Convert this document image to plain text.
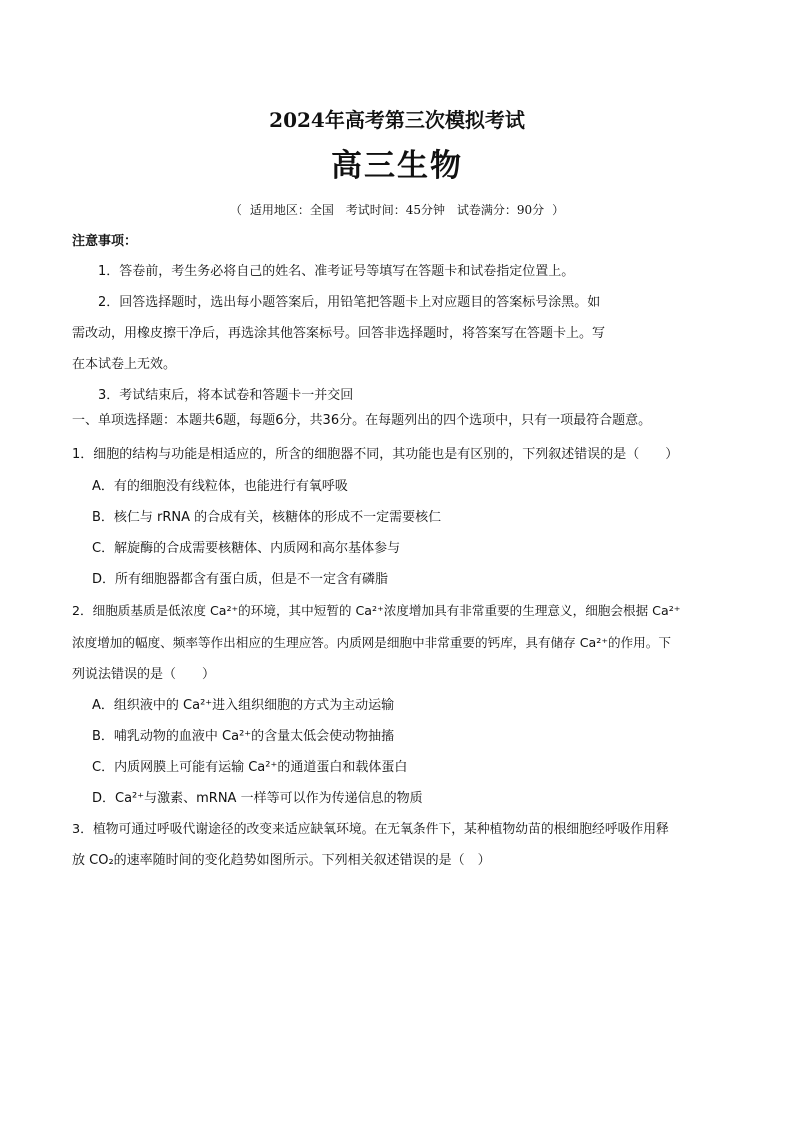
2024年高考第三次模拟考试
高三生物
（ 适用地区：全国 考试时间：45分钟 试卷满分：90分 ）
注意事项：
1．答卷前，考生务必将自己的姓名、准考证号等填写在答题卡和试卷指定位置上。
2．回答选择题时，选出每小题答案后，用铅笔把答题卡上对应题目的答案标号涂黑。如
需改动，用橡皮擦干净后，再选涂其他答案标号。回答非选择题时，将答案写在答题卡上。写
在本试卷上无效。
3．考试结束后，将本试卷和答题卡一并交回
一、单项选择题：本题共6题，每题6分，共36分。在每题列出的四个选项中，只有一项最符合题意。
1．细胞的结构与功能是相适应的，所含的细胞器不同，其功能也是有区别的，下列叙述错误的是（　　）
A．有的细胞没有线粒体，也能进行有氧呼吸
B．核仁与 rRNA 的合成有关，核糖体的形成不一定需要核仁
C．解旋酶的合成需要核糖体、内质网和高尔基体参与
D．所有细胞器都含有蛋白质，但是不一定含有磷脂
2．细胞质基质是低浓度 Ca²⁺的环境，其中短暂的 Ca²⁺浓度增加具有非常重要的生理意义，细胞会根据 Ca²⁺
浓度增加的幅度、频率等作出相应的生理应答。内质网是细胞中非常重要的钙库，具有储存 Ca²⁺的作用。下
列说法错误的是（　　）
A．组织液中的 Ca²⁺进入组织细胞的方式为主动运输
B．哺乳动物的血液中 Ca²⁺的含量太低会使动物抽搐
C．内质网膜上可能有运输 Ca²⁺的通道蛋白和载体蛋白
D．Ca²⁺与激素、mRNA 一样等可以作为传递信息的物质
3．植物可通过呼吸代谢途径的改变来适应缺氧环境。在无氧条件下，某种植物幼苗的根细胞经呼吸作用释
放 CO₂的速率随时间的变化趋势如图所示。下列相关叙述错误的是（　）
